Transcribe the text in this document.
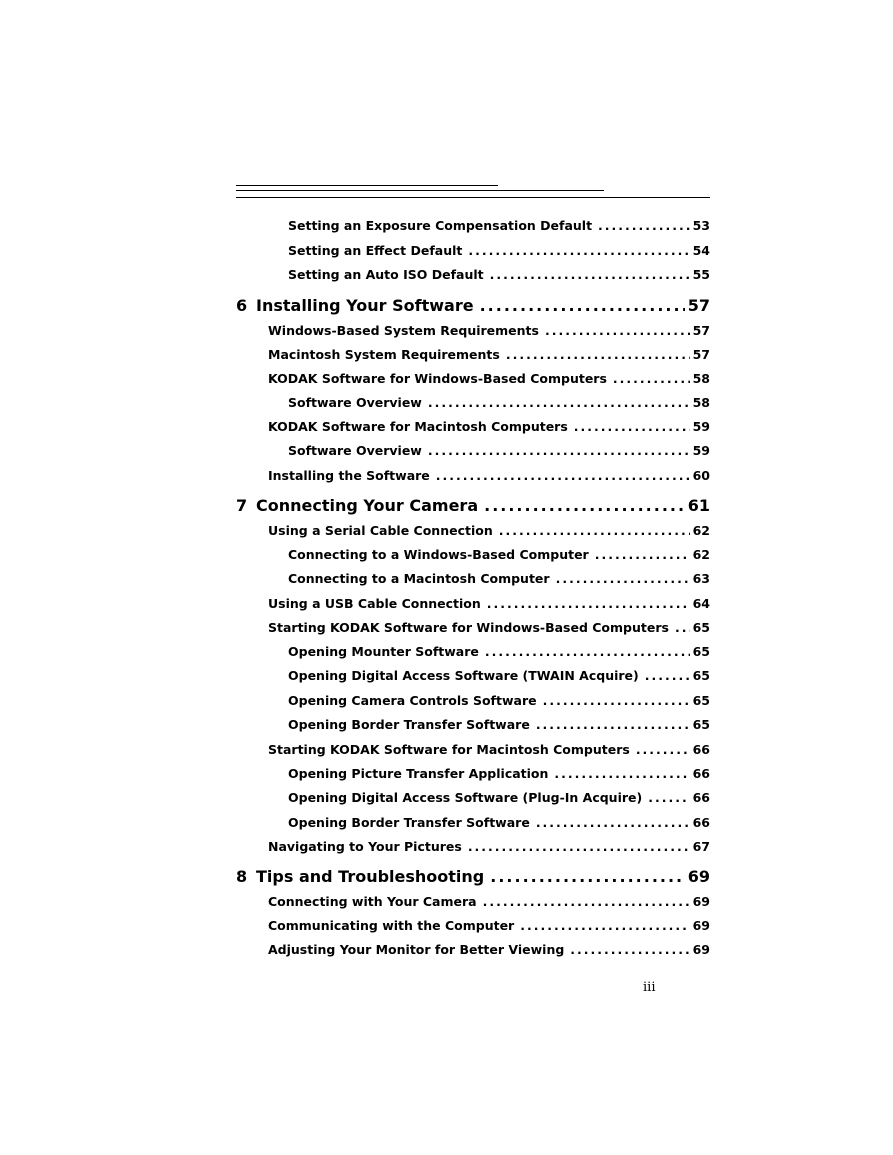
Setting an Exposure Compensation Default .....	53
Setting an Effect Default .....	54
Setting an Auto ISO Default .....	55
6 Installing Your Software .....	57
Windows-Based System Requirements .....	57
Macintosh System Requirements .....	57
KODAK Software for Windows-Based Computers .....	58
Software Overview .....	58
KODAK Software for Macintosh Computers .....	59
Software Overview .....	59
Installing the Software .....	60
7 Connecting Your Camera .....	61
Using a Serial Cable Connection .....	62
Connecting to a Windows-Based Computer .....	62
Connecting to a Macintosh Computer .....	63
Using a USB Cable Connection .....	64
Starting KODAK Software for Windows-Based Computers ..... 65
Opening Mounter Software .....	65
Opening Digital Access Software (TWAIN Acquire) .....	65
Opening Camera Controls Software .....	65
Opening Border Transfer Software .....	65
Starting KODAK Software for Macintosh Computers .....	66
Opening Picture Transfer Application .....	66
Opening Digital Access Software (Plug-In Acquire) .....	66
Opening Border Transfer Software .....	66
Navigating to Your Pictures .....	67
8 Tips and Troubleshooting .....	69
Connecting with Your Camera .....	69
Communicating with the Computer .....	69
Adjusting Your Monitor for Better Viewing .....	69
iii
